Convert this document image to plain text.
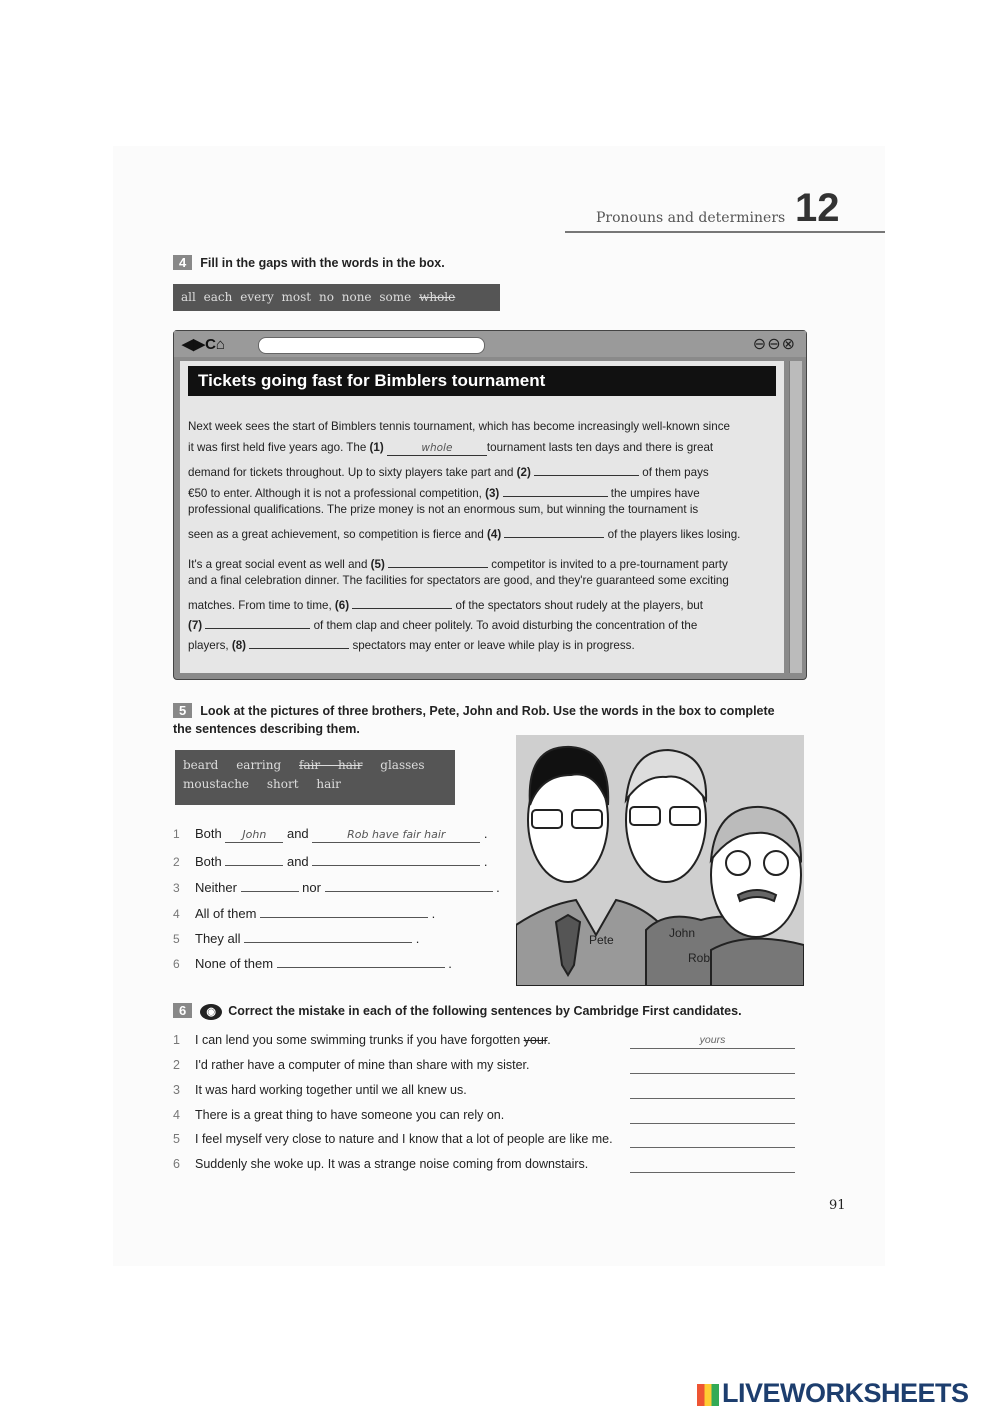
Pronouns and determiners 12
4 Fill in the gaps with the words in the box.
all each every most no none some whole
◀▶C⌂	⊖⊖⊗
Tickets going fast for Bimblers tournament
Next week sees the start of Bimblers tennis tournament, which has become increasingly well-known since
it was first held five years ago. The (1)	whole	tournament lasts ten days and there is great
demand for tickets throughout. Up to sixty players take part and (2)	of them pays
€50 to enter. Although it is not a professional competition, (3)	the umpires have
professional qualifications. The prize money is not an enormous sum, but winning the tournament is
seen as a great achievement, so competition is fierce and (4)	of the players likes losing.
It's a great social event as well and (5)	competitor is invited to a pre-tournament party
and a final celebration dinner. The facilities for spectators are good, and they're guaranteed some exciting
matches. From time to time, (6)	of the spectators shout rudely at the players, but
(7)	of them clap and cheer politely. To avoid disturbing the concentration of the
players, (8)	spectators may enter or leave while play is in progress.
5 Look at the pictures of three brothers, Pete, John and Rob. Use the words in the box to complete
the sentences describing them.
beard earring fair hair glasses
moustache short hair
1 Both John and	Rob have fair hair	.
2 Both	and	.
3 Neither	nor	.
4 All of them	.
5 They all	.
6 None of them	.
Pete	John
Rob
6 ◉ Correct the mistake in each of the following sentences by Cambridge First candidates.
1 I can lend you some swimming trunks if you have forgotten your.	yours
2 I'd rather have a computer of mine than share with my sister.
3 It was hard working together until we all knew us.
4 There is a great thing to have someone you can rely on.
5 I feel myself very close to nature and I know that a lot of people are like me.
6 Suddenly she woke up. It was a strange noise coming from downstairs.
91
LIVEWORKSHEETS
